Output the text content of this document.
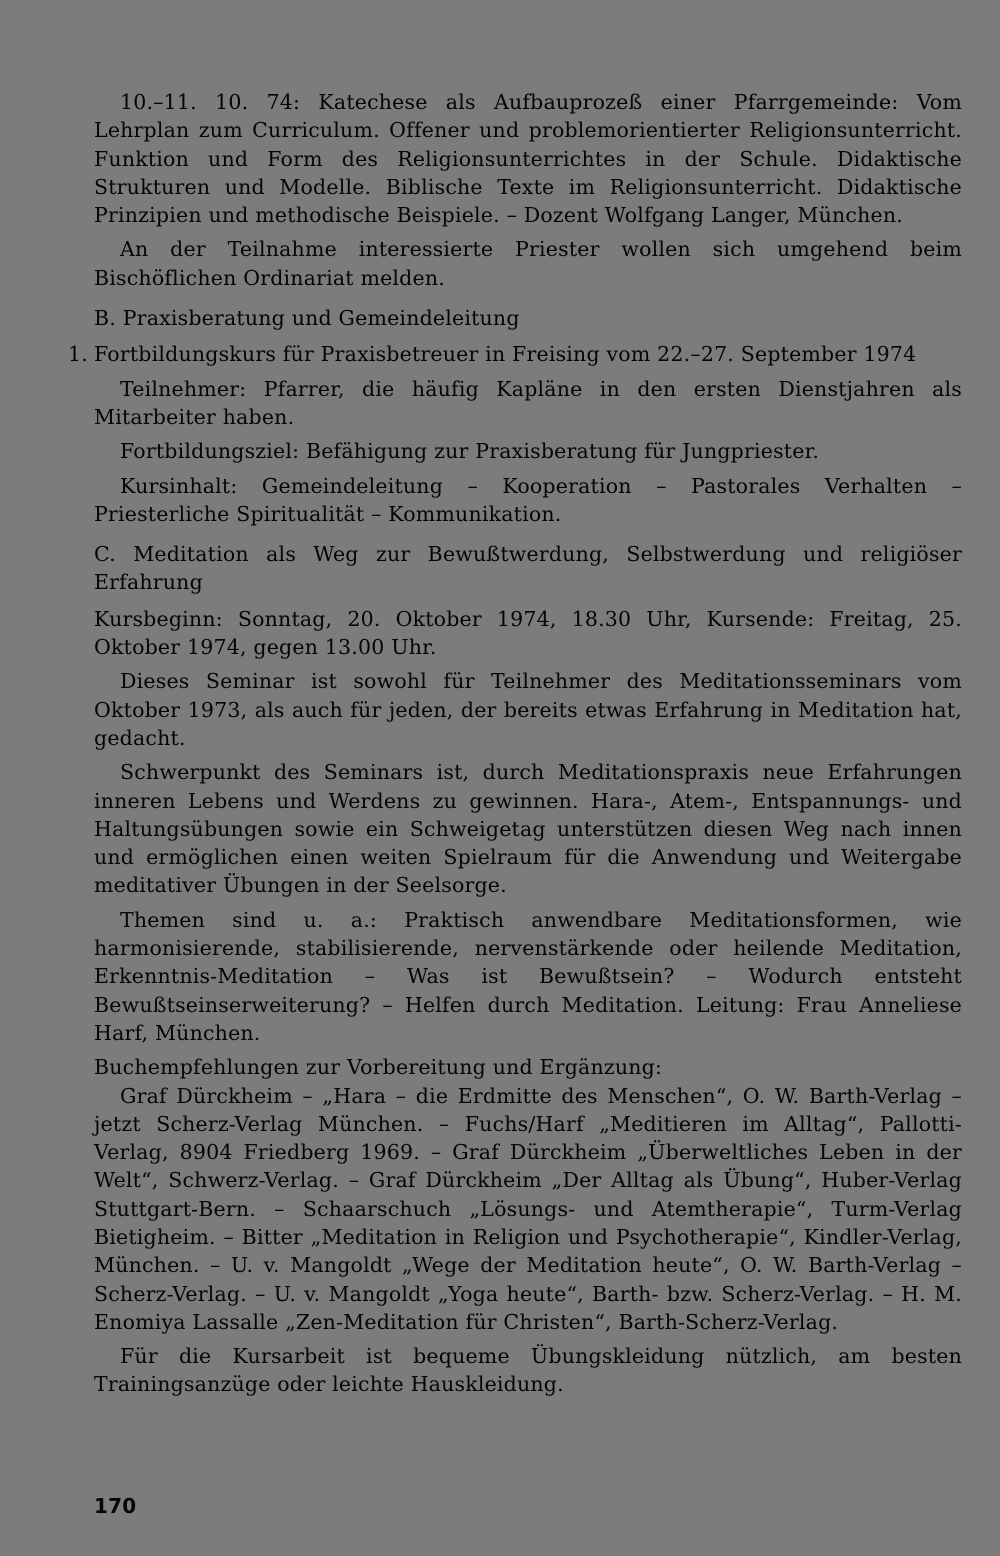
10.–11. 10. 74: Katechese als Aufbauprozeß einer Pfarrgemeinde: Vom Lehrplan zum Curriculum. Offener und problemorientierter Religionsunterricht. Funktion und Form des Religionsunterrichtes in der Schule. Didaktische Strukturen und Modelle. Biblische Texte im Religionsunterricht. Didaktische Prinzipien und methodische Beispiele. – Dozent Wolfgang Langer, München.

An der Teilnahme interessierte Priester wollen sich umgehend beim Bischöflichen Ordinariat melden.

B. Praxisberatung und Gemeindeleitung

1. Fortbildungskurs für Praxisbetreuer in Freising vom 22.–27. September 1974

Teilnehmer: Pfarrer, die häufig Kapläne in den ersten Dienstjahren als Mitarbeiter haben.

Fortbildungsziel: Befähigung zur Praxisberatung für Jungpriester.

Kursinhalt: Gemeindeleitung – Kooperation – Pastorales Verhalten – Priesterliche Spiritualität – Kommunikation.

C. Meditation als Weg zur Bewußtwerdung, Selbstwerdung und religiöser Erfahrung

Kursbeginn: Sonntag, 20. Oktober 1974, 18.30 Uhr, Kursende: Freitag, 25. Oktober 1974, gegen 13.00 Uhr.

Dieses Seminar ist sowohl für Teilnehmer des Meditationsseminars vom Oktober 1973, als auch für jeden, der bereits etwas Erfahrung in Meditation hat, gedacht.

Schwerpunkt des Seminars ist, durch Meditationspraxis neue Erfahrungen inneren Lebens und Werdens zu gewinnen. Hara-, Atem-, Entspannungs- und Haltungsübungen sowie ein Schweigetag unterstützen diesen Weg nach innen und ermöglichen einen weiten Spielraum für die Anwendung und Weitergabe meditativer Übungen in der Seelsorge.

Themen sind u. a.: Praktisch anwendbare Meditationsformen, wie harmonisierende, stabilisierende, nervenstärkende oder heilende Meditation, Erkenntnis-Meditation – Was ist Bewußtsein? – Wodurch entsteht Bewußtseinserweiterung? – Helfen durch Meditation. Leitung: Frau Anneliese Harf, München.

Buchempfehlungen zur Vorbereitung und Ergänzung:

Graf Dürckheim – „Hara – die Erdmitte des Menschen“, O. W. Barth-Verlag – jetzt Scherz-Verlag München. – Fuchs/Harf „Meditieren im Alltag“, Pallotti-Verlag, 8904 Friedberg 1969. – Graf Dürckheim „Überweltliches Leben in der Welt“, Schwerz-Verlag. – Graf Dürckheim „Der Alltag als Übung“, Huber-Verlag Stuttgart-Bern. – Schaarschuch „Lösungs- und Atemtherapie“, Turm-Verlag Bietigheim. – Bitter „Meditation in Religion und Psychotherapie“, Kindler-Verlag, München. – U. v. Mangoldt „Wege der Meditation heute“, O. W. Barth-Verlag – Scherz-Verlag. – U. v. Mangoldt „Yoga heute“, Barth- bzw. Scherz-Verlag. – H. M. Enomiya Lassalle „Zen-Meditation für Christen“, Barth-Scherz-Verlag.

Für die Kursarbeit ist bequeme Übungskleidung nützlich, am besten Trainingsanzüge oder leichte Hauskleidung.

170
